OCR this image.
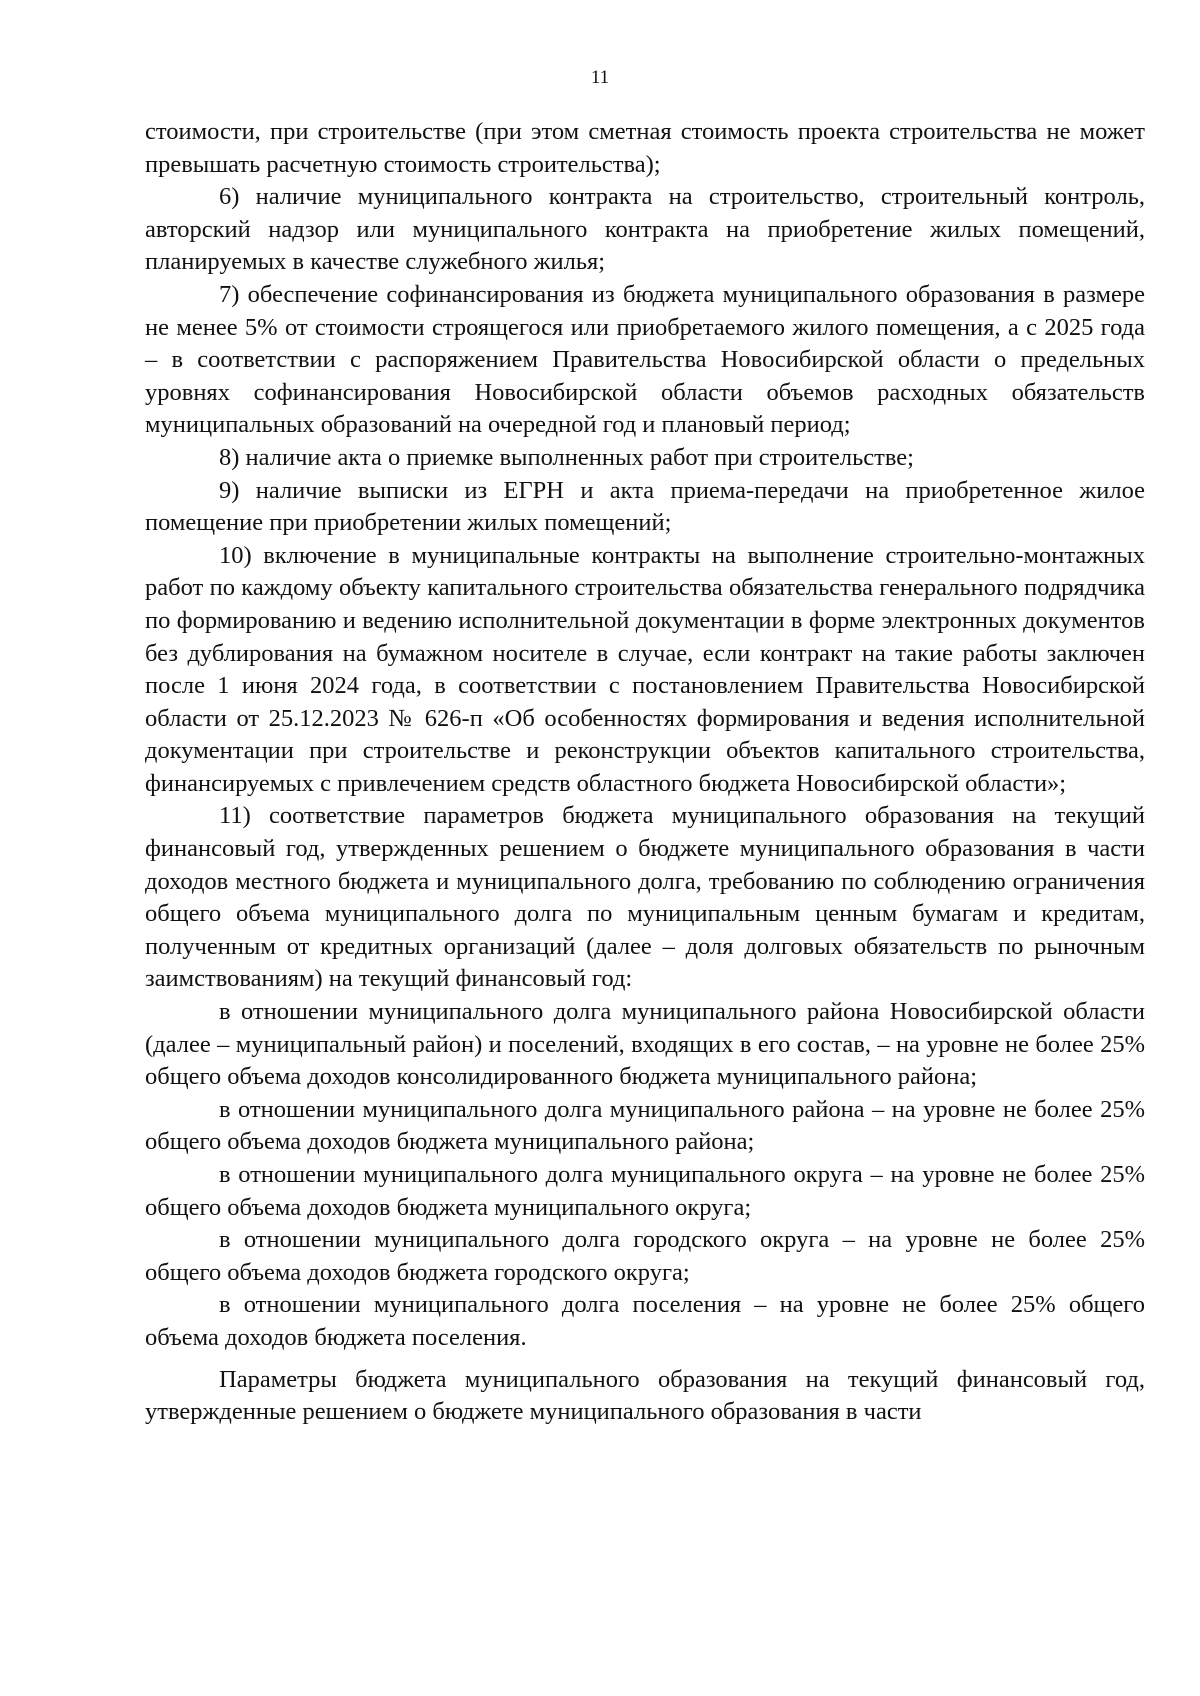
11

стоимости, при строительстве (при этом сметная стоимость проекта строительства не может превышать расчетную стоимость строительства);

6) наличие муниципального контракта на строительство, строительный контроль, авторский надзор или муниципального контракта на приобретение жилых помещений, планируемых в качестве служебного жилья;

7) обеспечение софинансирования из бюджета муниципального образования в размере не менее 5% от стоимости строящегося или приобретаемого жилого помещения, а с 2025 года – в соответствии с распоряжением Правительства Новосибирской области о предельных уровнях софинансирования Новосибирской области объемов расходных обязательств муниципальных образований на очередной год и плановый период;

8) наличие акта о приемке выполненных работ при строительстве;

9) наличие выписки из ЕГРН и акта приема-передачи на приобретенное жилое помещение при приобретении жилых помещений;

10) включение в муниципальные контракты на выполнение строительно-монтажных работ по каждому объекту капитального строительства обязательства генерального подрядчика по формированию и ведению исполнительной документации в форме электронных документов без дублирования на бумажном носителе в случае, если контракт на такие работы заключен после 1 июня 2024 года, в соответствии с постановлением Правительства Новосибирской области от 25.12.2023 № 626-п «Об особенностях формирования и ведения исполнительной документации при строительстве и реконструкции объектов капитального строительства, финансируемых с привлечением средств областного бюджета Новосибирской области»;

11) соответствие параметров бюджета муниципального образования на текущий финансовый год, утвержденных решением о бюджете муниципального образования в части доходов местного бюджета и муниципального долга, требованию по соблюдению ограничения общего объема муниципального долга по муниципальным ценным бумагам и кредитам, полученным от кредитных организаций (далее – доля долговых обязательств по рыночным заимствованиям) на текущий финансовый год:

в отношении муниципального долга муниципального района Новосибирской области (далее – муниципальный район) и поселений, входящих в его состав, – на уровне не более 25% общего объема доходов консолидированного бюджета муниципального района;

в отношении муниципального долга муниципального района – на уровне не более 25% общего объема доходов бюджета муниципального района;

в отношении муниципального долга муниципального округа – на уровне не более 25% общего объема доходов бюджета муниципального округа;

в отношении муниципального долга городского округа – на уровне не более 25% общего объема доходов бюджета городского округа;

в отношении муниципального долга поселения – на уровне не более 25% общего объема доходов бюджета поселения.

Параметры бюджета муниципального образования на текущий финансовый год, утвержденные решением о бюджете муниципального образования в части
